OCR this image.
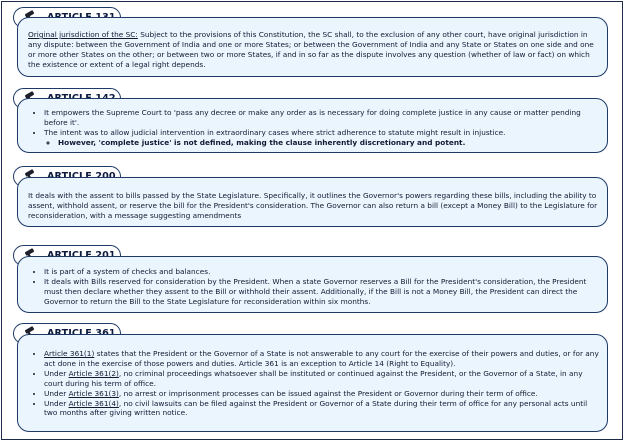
Original jurisdiction of the SC: Subject to the provisions of this Constitution, the SC shall, to the exclusion of any other court, have original jurisdiction in any dispute: between the Government of India and one or more States; or between the Government of India and any State or States on one side and one or more other States on the other; or between two or more States, if and in so far as the dispute involves any question (whether of law or fact) on which the existence or extent of a legal right depends.

• It empowers the Supreme Court to 'pass any decree or make any order as is necessary for doing complete justice in any cause or matter pending before it'.
• The intent was to allow judicial intervention in extraordinary cases where strict adherence to statute might result in injustice.
◦ However, 'complete justice' is not defined, making the clause inherently discretionary and potent.

It deals with the assent to bills passed by the State Legislature. Specifically, it outlines the Governor's powers regarding these bills, including the ability to assent, withhold assent, or reserve the bill for the President's consideration. The Governor can also return a bill (except a Money Bill) to the Legislature for reconsideration, with a message suggesting amendments

• It is part of a system of checks and balances.
• It deals with Bills reserved for consideration by the President. When a state Governor reserves a Bill for the President's consideration, the President must then declare whether they assent to the Bill or withhold their assent. Additionally, if the Bill is not a Money Bill, the President can direct the Governor to return the Bill to the State Legislature for reconsideration within six months.
• Article 361(1) states that the President or the Governor of a State is not answerable to any court for the exercise of their powers and duties, or for any act done in the exercise of those powers and duties. Article 361 is an exception to Article 14 (Right to Equality).
• Under Article 361(2), no criminal proceedings whatsoever shall be instituted or continued against the President, or the Governor of a State, in any court during his term of office.
• Under Article 361(3), no arrest or imprisonment processes can be issued against the President or Governor during their term of office.
• Under Article 361(4), no civil lawsuits can be filed against the President or Governor of a State during their term of office for any personal acts until two months after giving written notice.
